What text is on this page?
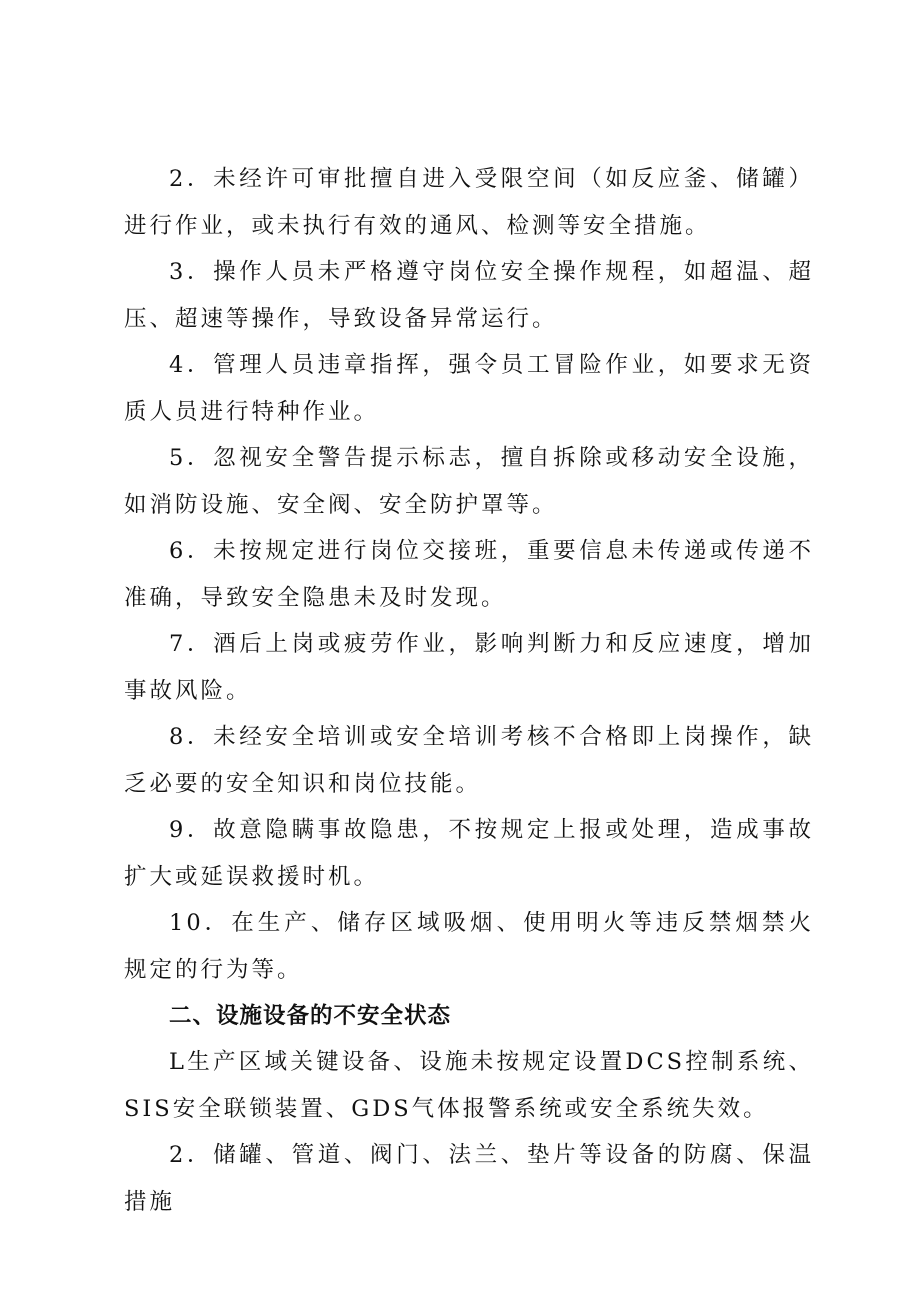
2．未经许可审批擅自进入受限空间（如反应釜、储罐）进行作业，或未执行有效的通风、检测等安全措施。

3．操作人员未严格遵守岗位安全操作规程，如超温、超压、超速等操作，导致设备异常运行。

4．管理人员违章指挥，强令员工冒险作业，如要求无资质人员进行特种作业。

5．忽视安全警告提示标志，擅自拆除或移动安全设施，如消防设施、安全阀、安全防护罩等。

6．未按规定进行岗位交接班，重要信息未传递或传递不准确，导致安全隐患未及时发现。

7．酒后上岗或疲劳作业，影响判断力和反应速度，增加事故风险。

8．未经安全培训或安全培训考核不合格即上岗操作，缺乏必要的安全知识和岗位技能。

9．故意隐瞒事故隐患，不按规定上报或处理，造成事故扩大或延误救援时机。

10．在生产、储存区域吸烟、使用明火等违反禁烟禁火规定的行为等。

二、设施设备的不安全状态

L生产区域关键设备、设施未按规定设置DCS控制系统、SIS安全联锁装置、GDS气体报警系统或安全系统失效。

2．储罐、管道、阀门、法兰、垫片等设备的防腐、保温措施
